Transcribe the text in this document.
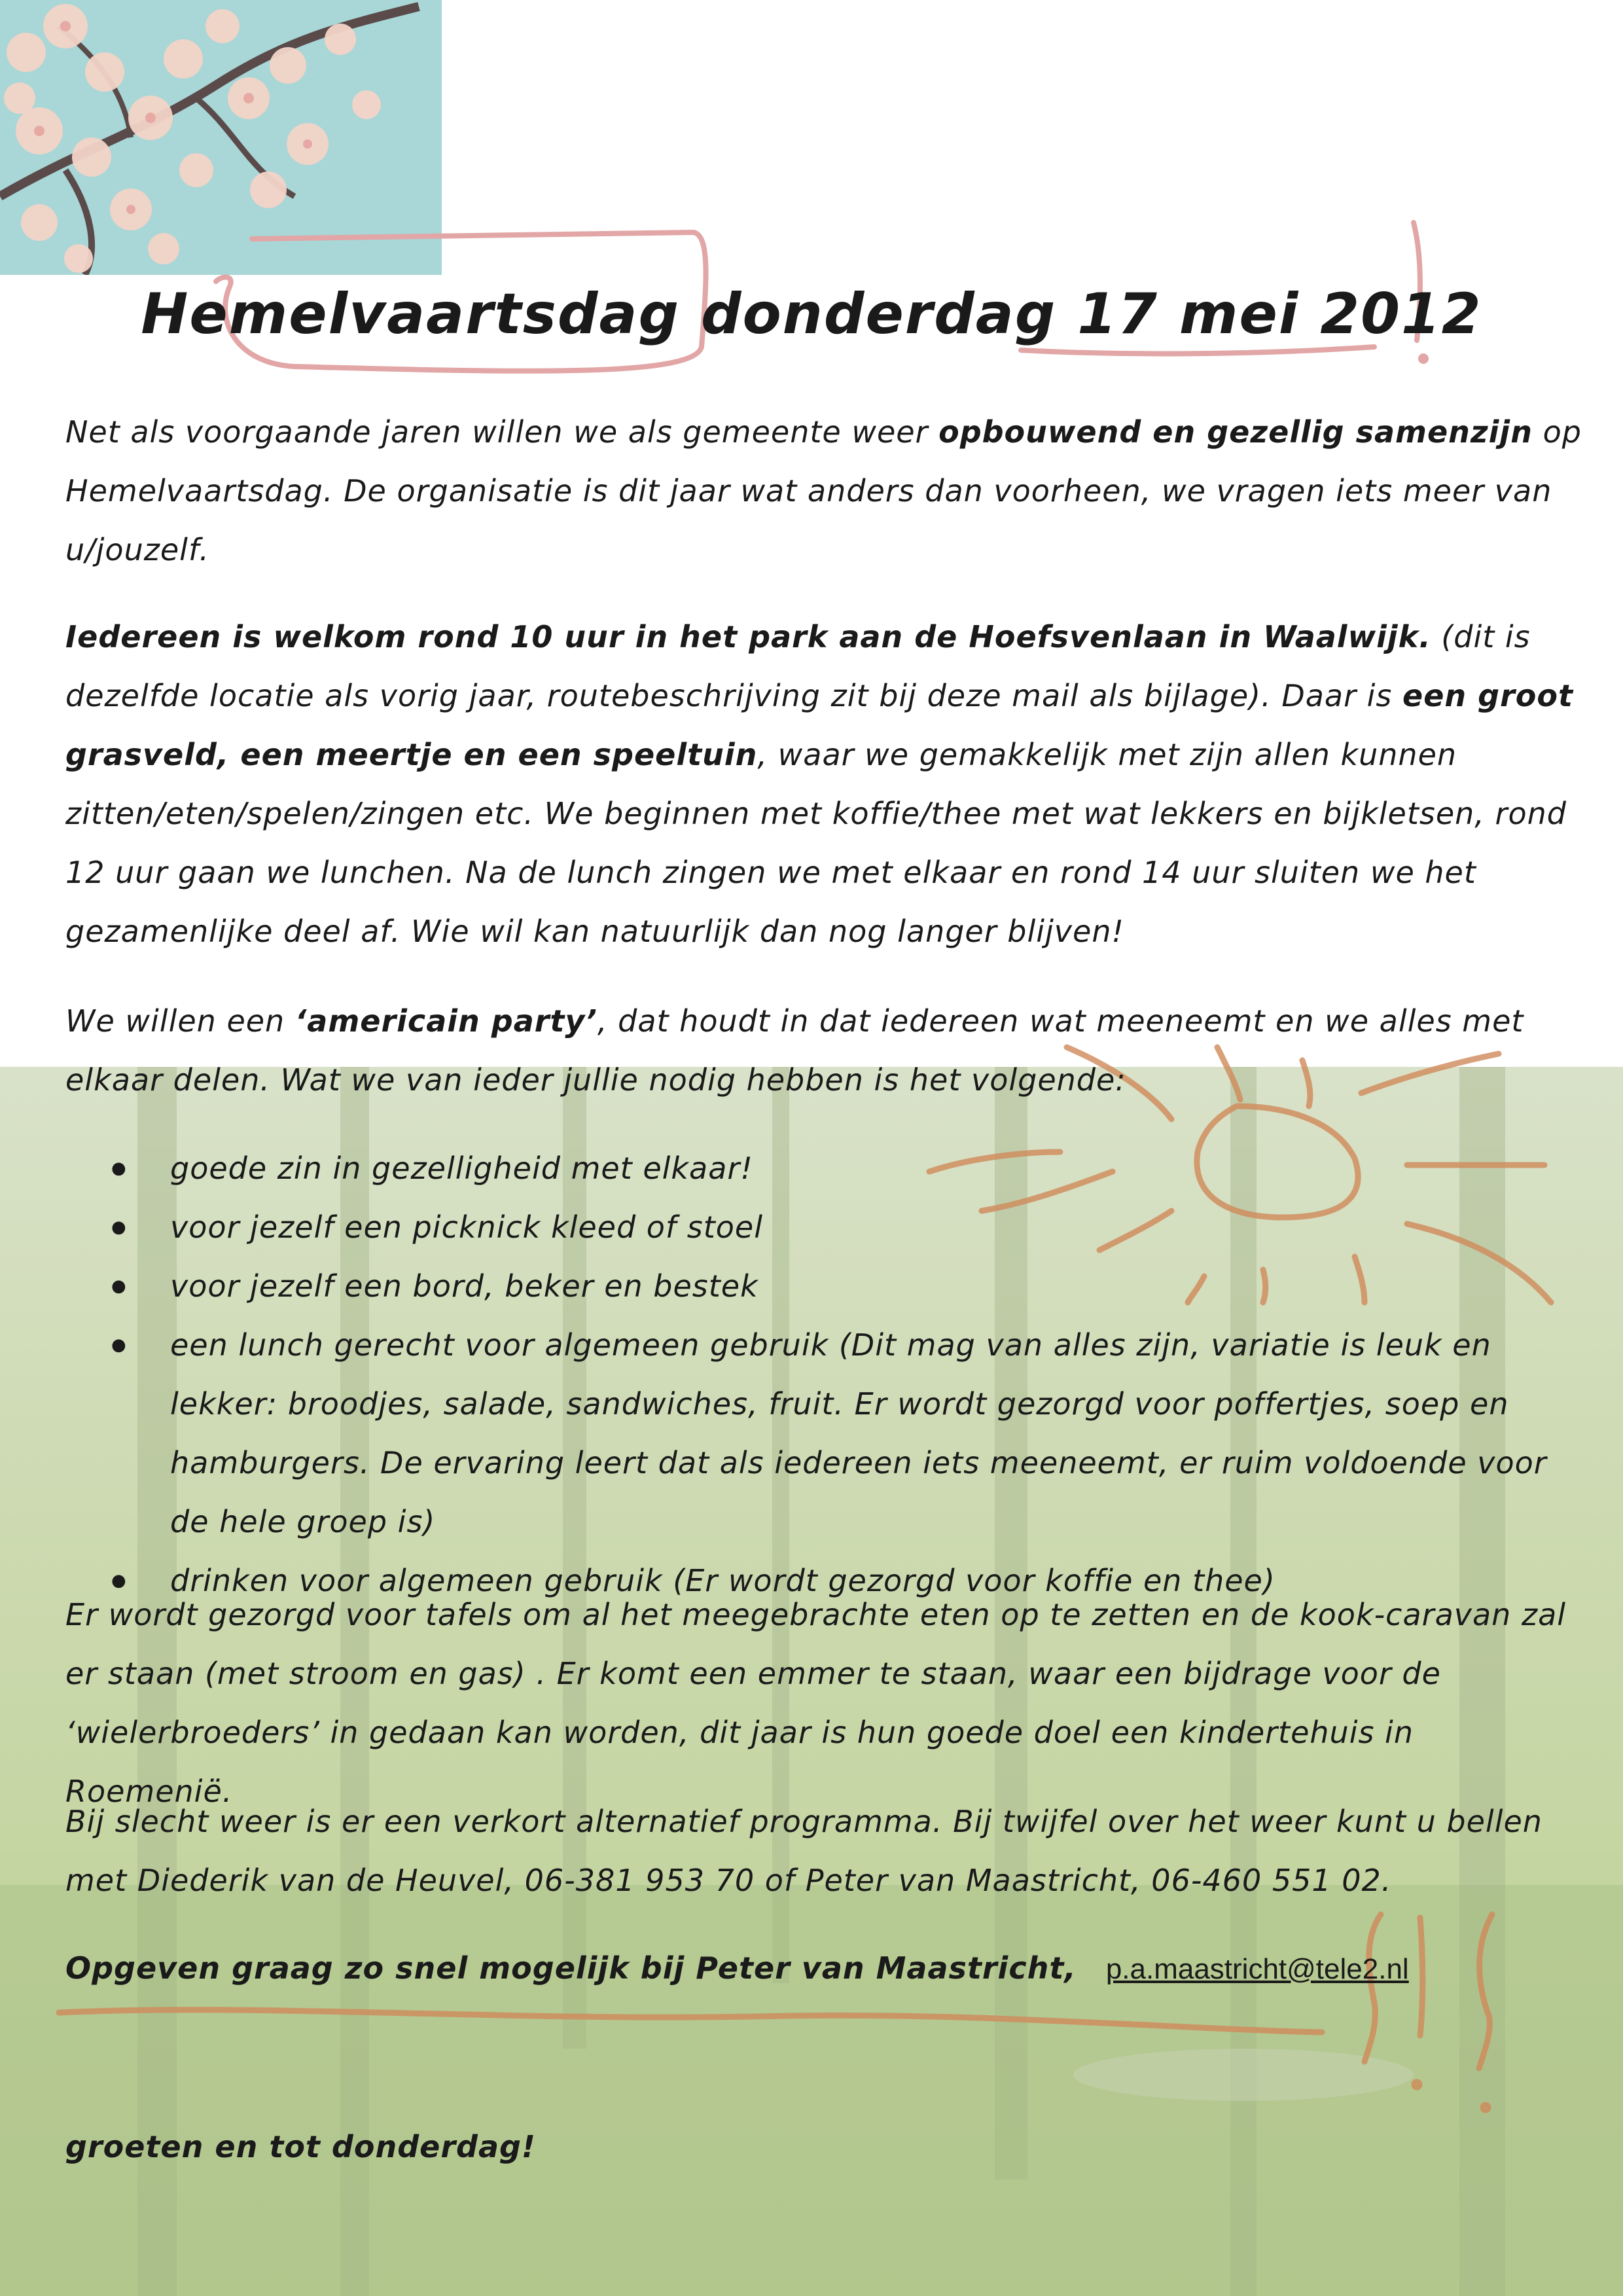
Hemelvaartsdag donderdag 17 mei 2012

Net als voorgaande jaren willen we als gemeente weer opbouwend en gezellig samenzijn op Hemelvaartsdag. De organisatie is dit jaar wat anders dan voorheen, we vragen iets meer van u/jouzelf.

Iedereen is welkom rond 10 uur in het park aan de Hoefsvenlaan in Waalwijk. (dit is dezelfde locatie als vorig jaar, routebeschrijving zit bij deze mail als bijlage). Daar is een groot grasveld, een meertje en een speeltuin, waar we gemakkelijk met zijn allen kunnen zitten/eten/spelen/zingen etc. We beginnen met koffie/thee met wat lekkers en bijkletsen, rond 12 uur gaan we lunchen. Na de lunch zingen we met elkaar en rond 14 uur sluiten we het gezamenlijke deel af. Wie wil kan natuurlijk dan nog langer blijven!

We willen een ‘americain party’, dat houdt in dat iedereen wat meeneemt en we alles met elkaar delen. Wat we van ieder jullie nodig hebben is het volgende:

● goede zin in gezelligheid met elkaar!
● voor jezelf een picknick kleed of stoel
● voor jezelf een bord, beker en bestek
● een lunch gerecht voor algemeen gebruik (Dit mag van alles zijn, variatie is leuk en lekker: broodjes, salade, sandwiches, fruit. Er wordt gezorgd voor poffertjes, soep en hamburgers. De ervaring leert dat als iedereen iets meeneemt, er ruim voldoende voor de hele groep is)
● drinken voor algemeen gebruik (Er wordt gezorgd voor koffie en thee)

Er wordt gezorgd voor tafels om al het meegebrachte eten op te zetten en de kook-caravan zal er staan (met stroom en gas) . Er komt een emmer te staan, waar een bijdrage voor de ‘wielerbroeders’ in gedaan kan worden, dit jaar is hun goede doel een kindertehuis in Roemenië.

Bij slecht weer is er een verkort alternatief programma. Bij twijfel over het weer kunt u bellen met Diederik van de Heuvel, 06-381 953 70 of Peter van Maastricht, 06-460 551 02.

Opgeven graag zo snel mogelijk bij Peter van Maastricht, p.a.maastricht@tele2.nl

groeten en tot donderdag!
